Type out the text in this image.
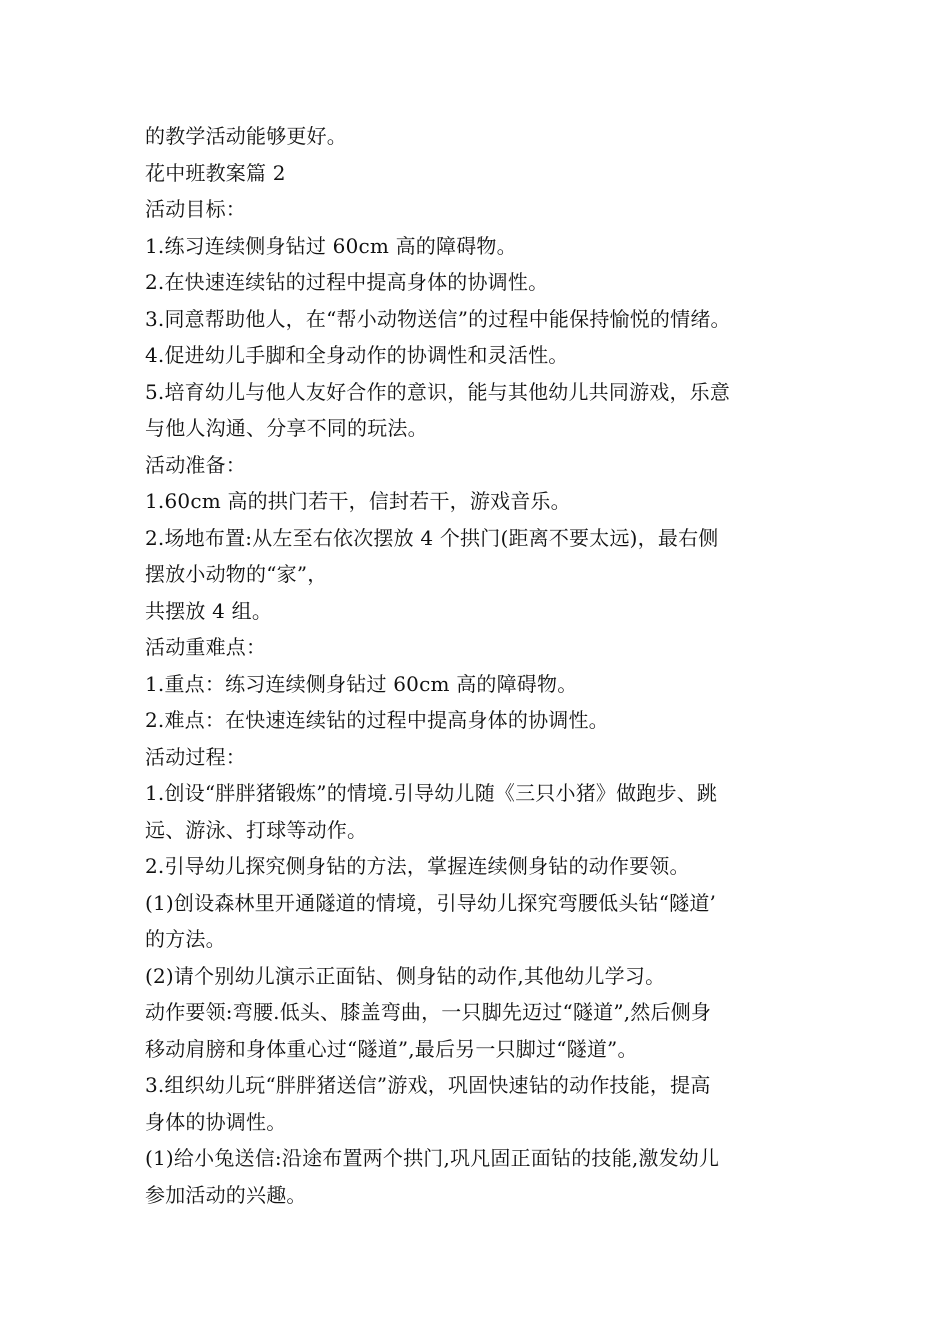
的教学活动能够更好。
花中班教案篇 2
活动目标：
1.练习连续侧身钻过 60cm 高的障碍物。
2.在快速连续钻的过程中提高身体的协调性。
3.同意帮助他人，在“帮小动物送信”的过程中能保持愉悦的情绪。
4.促进幼儿手脚和全身动作的协调性和灵活性。
5.培育幼儿与他人友好合作的意识，能与其他幼儿共同游戏，乐意
与他人沟通、分享不同的玩法。
活动准备：
1.60cm 高的拱门若干，信封若干，游戏音乐。
2.场地布置:从左至右依次摆放 4 个拱门(距离不要太远)，最右侧
摆放小动物的“家”，
共摆放 4 组。
活动重难点：
1.重点：练习连续侧身钻过 60cm 高的障碍物。
2.难点：在快速连续钻的过程中提高身体的协调性。
活动过程：
1.创设“胖胖猪锻炼”的情境.引导幼儿随《三只小猪》做跑步、跳
远、游泳、打球等动作。
2.引导幼儿探究侧身钻的方法，掌握连续侧身钻的动作要领。
(1)创设森林里开通隧道的情境，引导幼儿探究弯腰低头钻“隧道’
的方法。
(2)请个别幼儿演示正面钻、侧身钻的动作,其他幼儿学习。
动作要领:弯腰.低头、膝盖弯曲，一只脚先迈过“隧道”,然后侧身
移动肩膀和身体重心过“隧道”,最后另一只脚过“隧道”。
3.组织幼儿玩“胖胖猪送信”游戏，巩固快速钻的动作技能，提高
身体的协调性。
(1)给小兔送信:沿途布置两个拱门,巩凡固正面钻的技能,激发幼儿
参加活动的兴趣。
